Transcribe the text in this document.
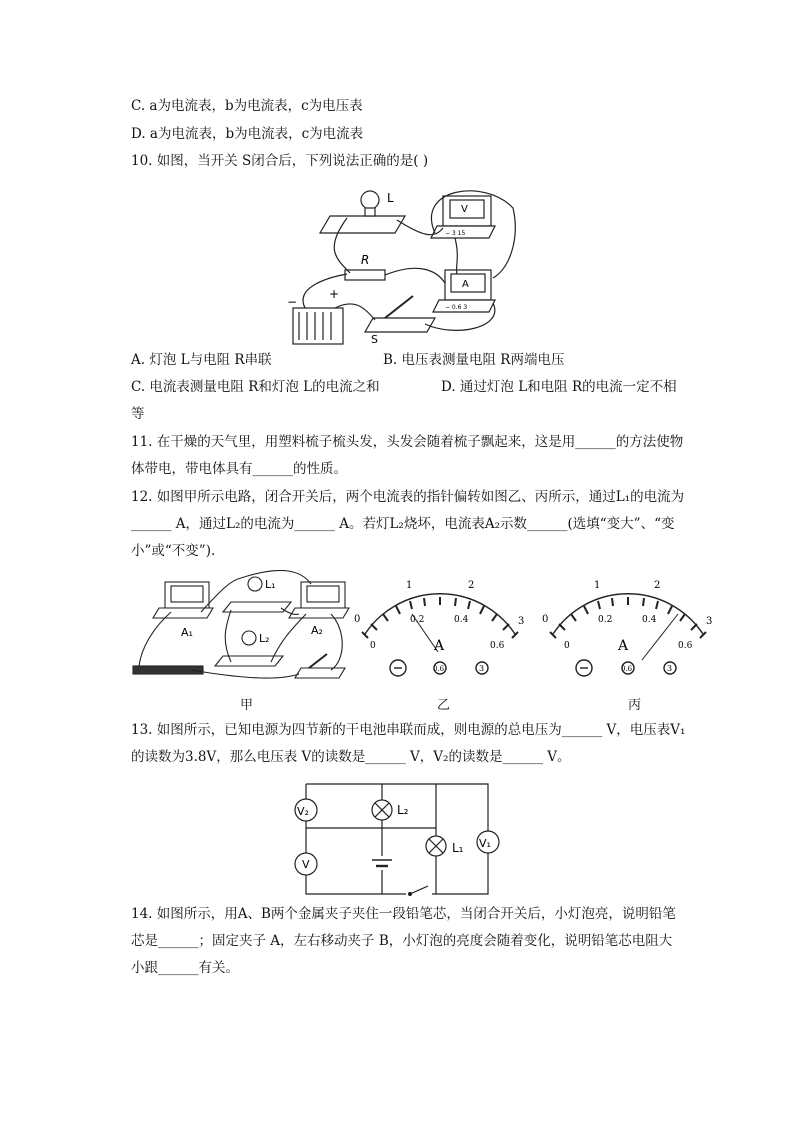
C. a为电流表，b为电流表，c为电压表
D. a为电流表，b为电流表，c为电流表
10. 如图，当开关 S闭合后，下列说法正确的是( )
L
V
− 3 15
R
A
− 0.6 3
−
+
S
A. 灯泡 L与电阻 R串联	B. 电压表测量电阻 R两端电压
C. 电流表测量电阻 R和灯泡 L的电流之和	D. 通过灯泡 L和电阻 R的电流一定不相
等
11. 在干燥的天气里，用塑料梳子梳头发，头发会随着梳子飘起来，这是用______的方法使物
体带电，带电体具有______的性质。
12. 如图甲所示电路，闭合开关后，两个电流表的指针偏转如图乙、丙所示，通过L₁的电流为
______ A，通过L₂的电流为______ A。若灯L₂烧坏，电流表A₂示数______(选填“变大”、“变
小”或“不变”).
L₁
L₂
A₁	A₂
0
1	2
3
0
0.2	0.4
0.6
A
0.6	3
0
1	2
3
0
0.2	0.4
0.6
A
0.6	3
甲	乙	丙
13. 如图所示，已知电源为四节新的干电池串联而成，则电源的总电压为______ V，电压表V₁
的读数为3.8V，那么电压表 V的读数是______ V，V₂的读数是______ V。
V₂
V
V₁
L₂
L₁
14. 如图所示，用A、B两个金属夹子夹住一段铅笔芯，当闭合开关后，小灯泡亮，说明铅笔
芯是______；固定夹子 A，左右移动夹子 B，小灯泡的亮度会随着变化，说明铅笔芯电阻大
小跟______有关。
